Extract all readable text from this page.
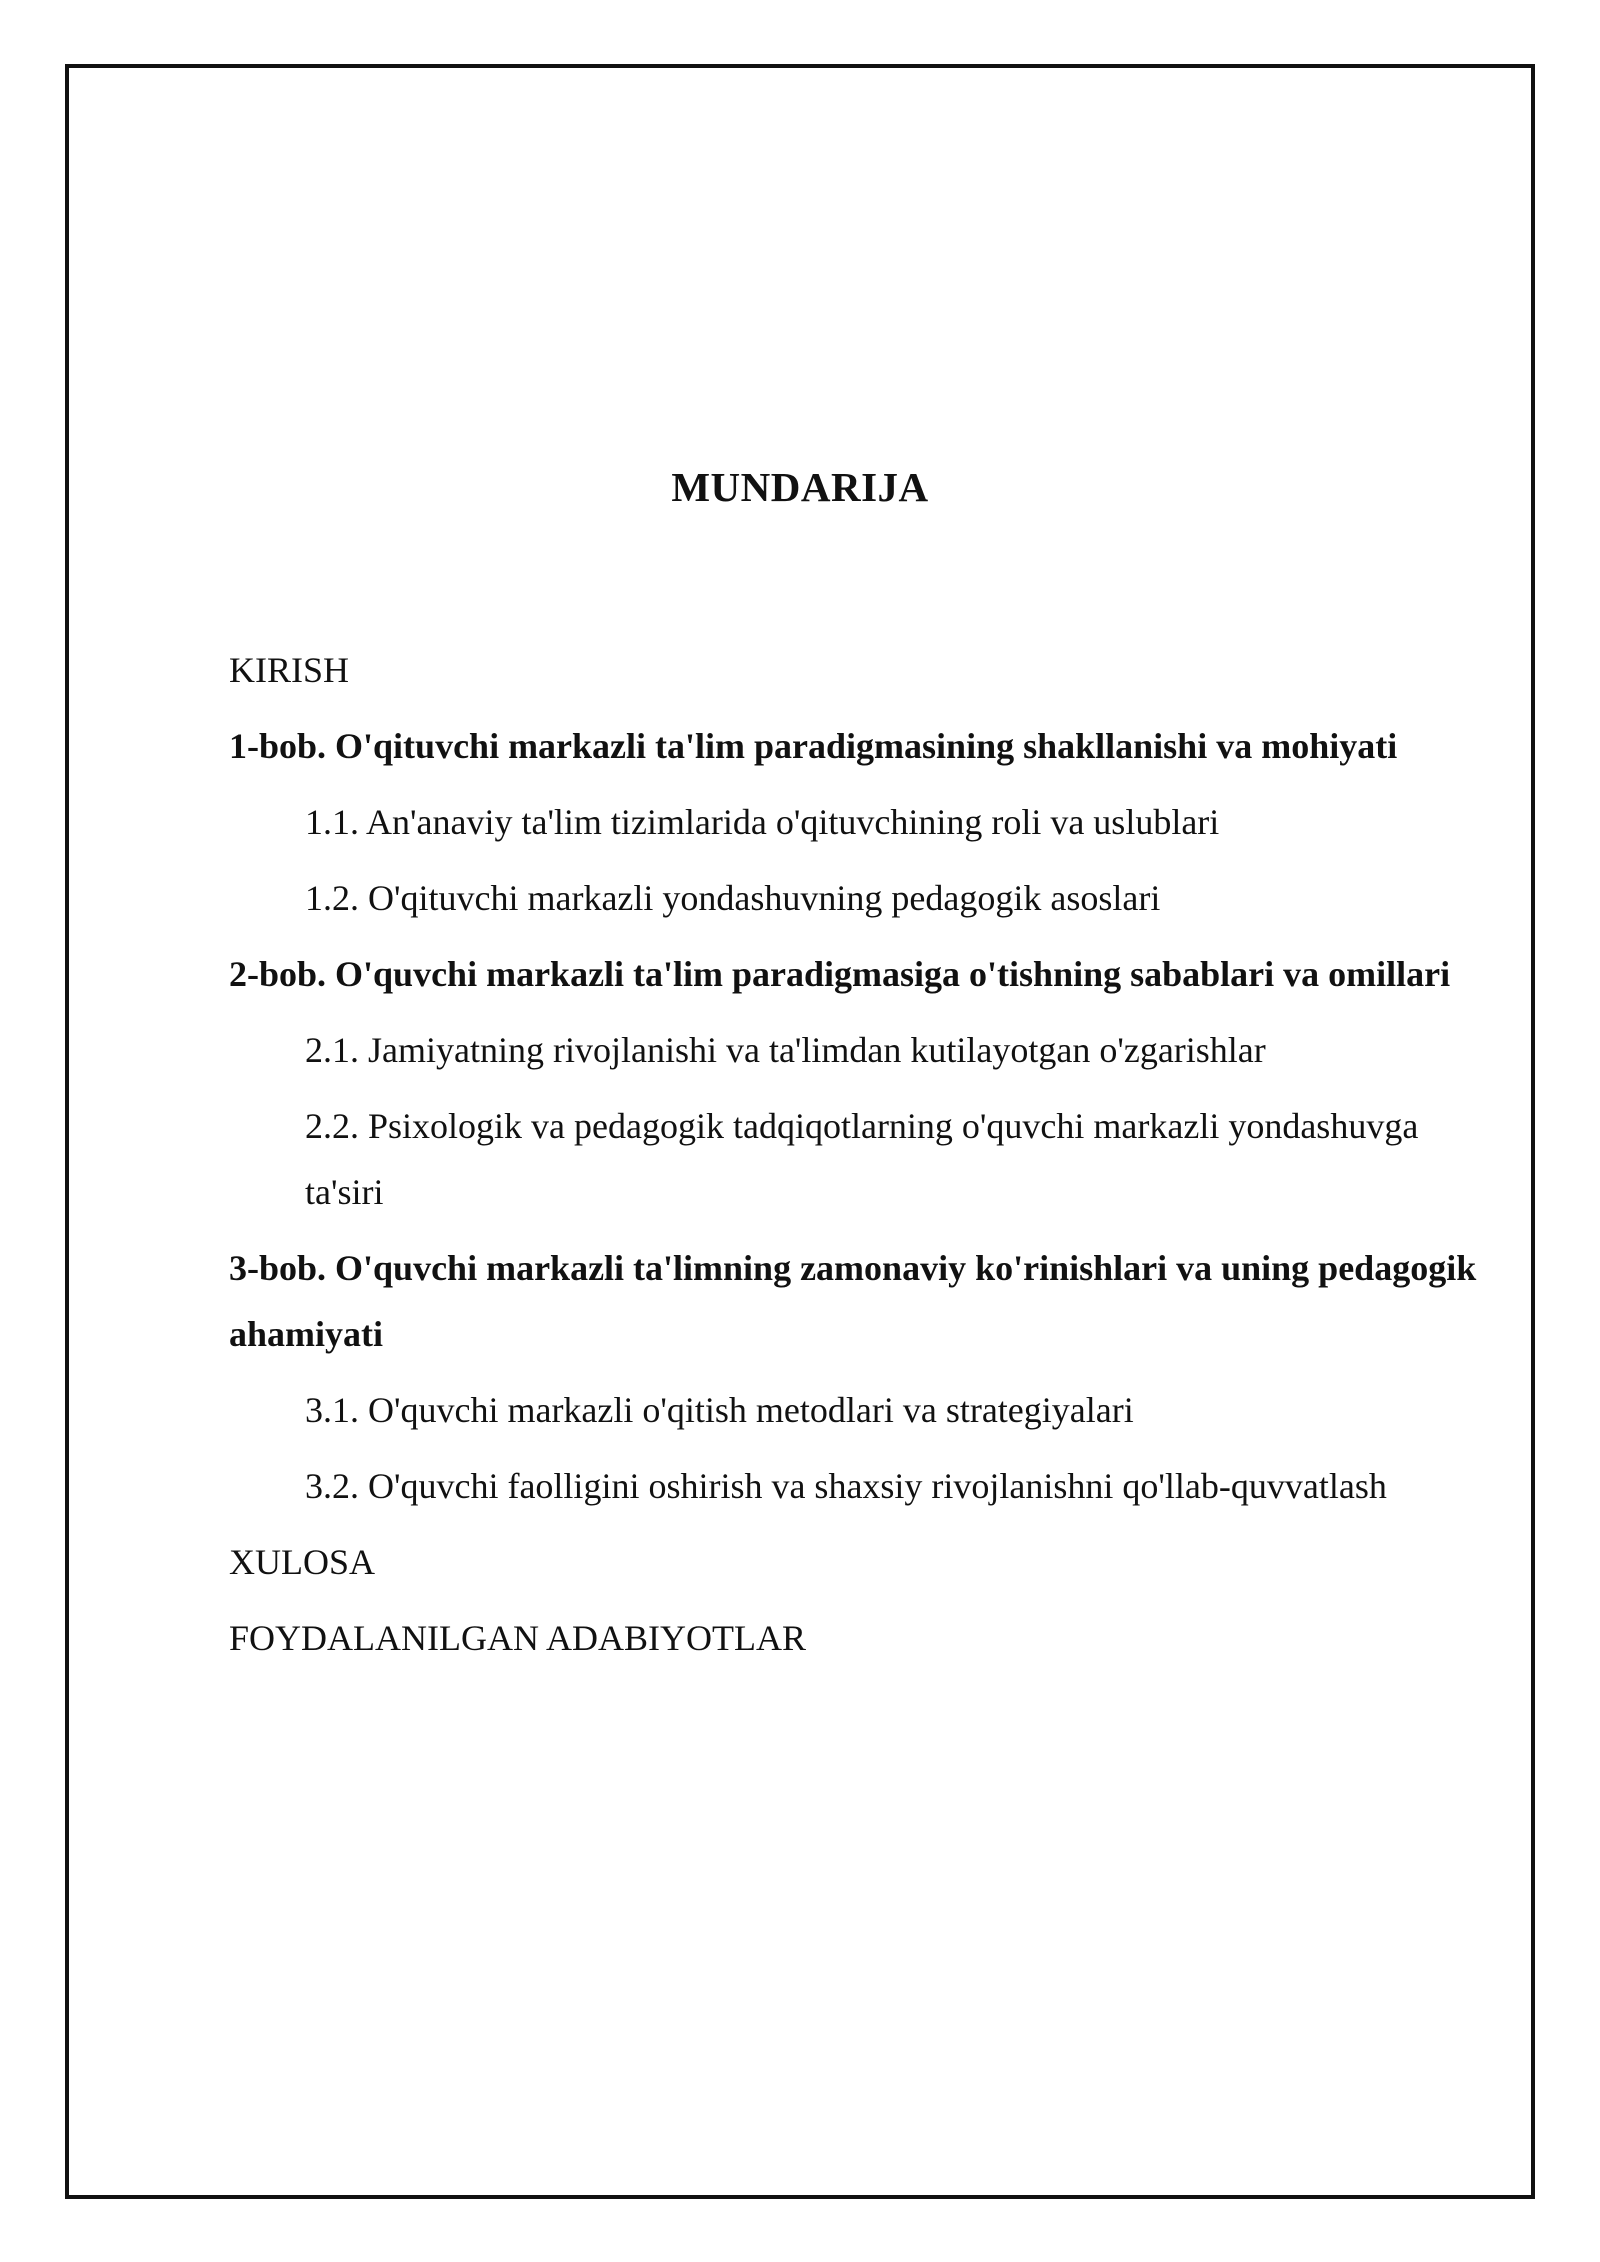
MUNDARIJA
KIRISH
1-bob. O'qituvchi markazli ta'lim paradigmasining shakllanishi va mohiyati
1.1. An'anaviy ta'lim tizimlarida o'qituvchining roli va uslublari
1.2. O'qituvchi markazli yondashuvning pedagogik asoslari
2-bob. O'quvchi markazli ta'lim paradigmasiga o'tishning sabablari va omillari
2.1. Jamiyatning rivojlanishi va ta'limdan kutilayotgan o'zgarishlar
2.2. Psixologik va pedagogik tadqiqotlarning o'quvchi markazli yondashuvga ta'siri
3-bob. O'quvchi markazli ta'limning zamonaviy ko'rinishlari va uning pedagogik ahamiyati
3.1. O'quvchi markazli o'qitish metodlari va strategiyalari
3.2. O'quvchi faolligini oshirish va shaxsiy rivojlanishni qo'llab-quvvatlash
XULOSA
FOYDALANILGAN ADABIYOTLAR
